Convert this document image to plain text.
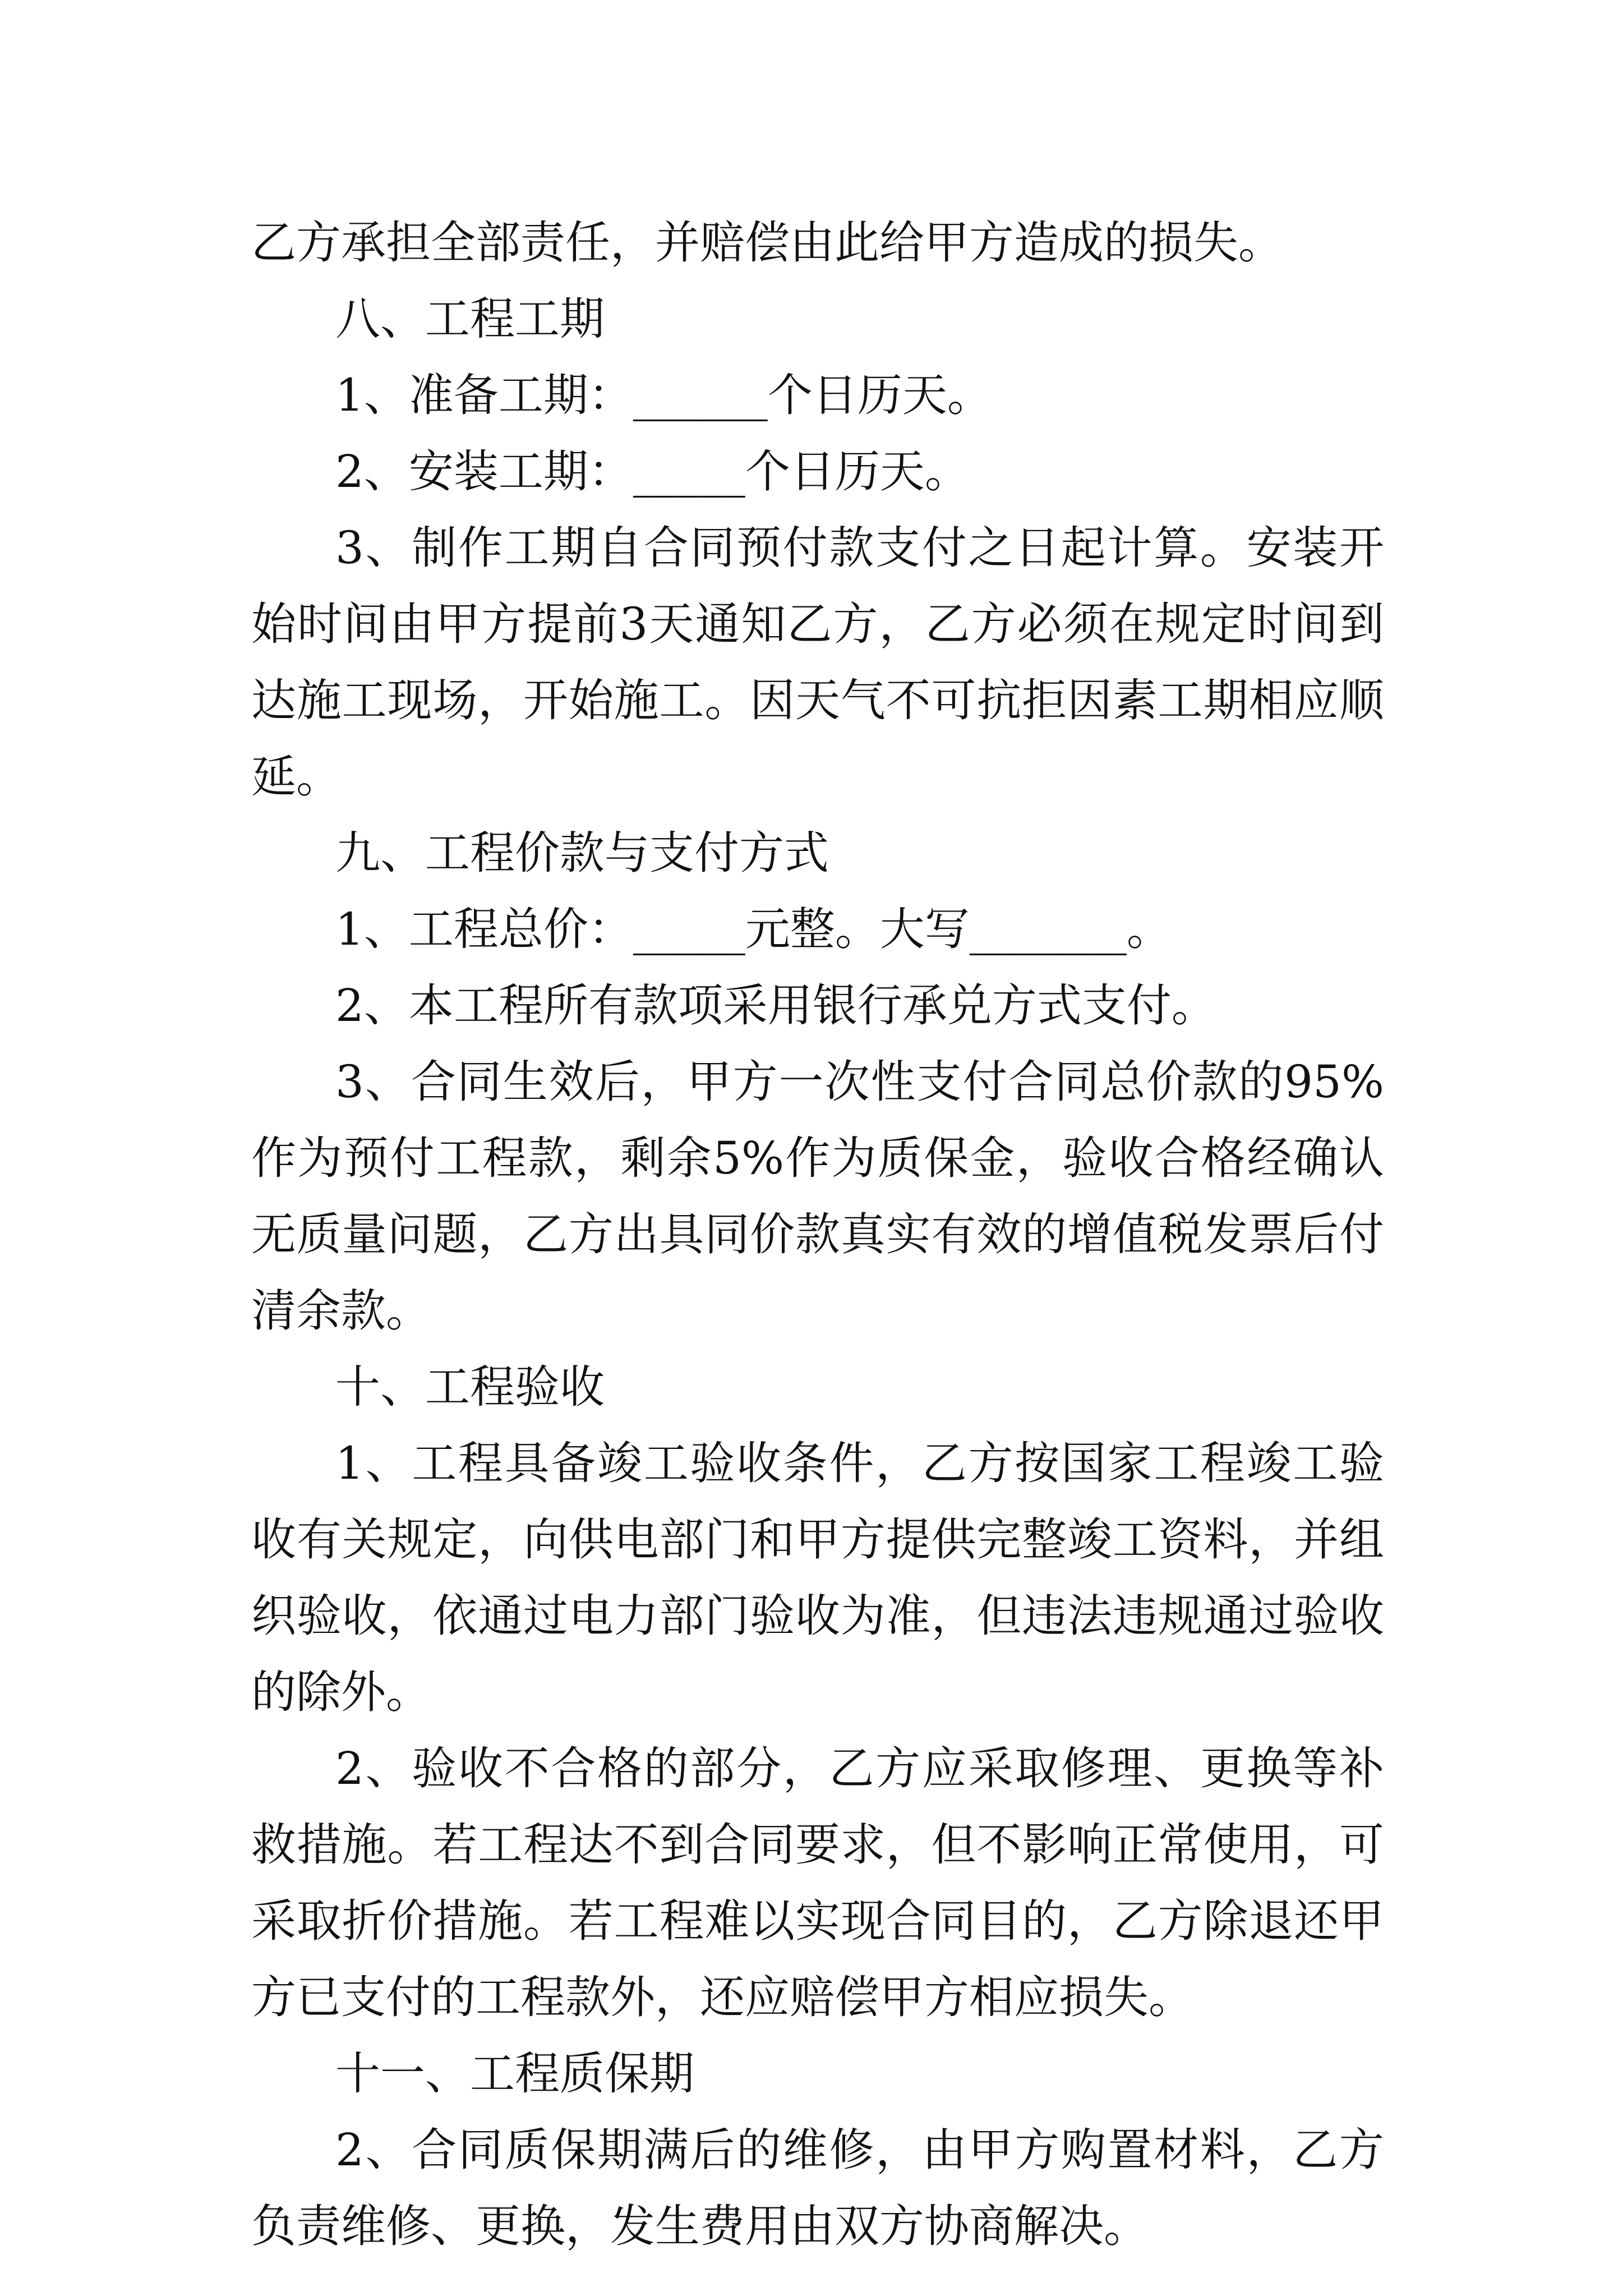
乙方承担全部责任，并赔偿由此给甲方造成的损失。

八、工程工期

1、准备工期：______个日历天。

2、安装工期：_____个日历天。

3、制作工期自合同预付款支付之日起计算。安装开始时间由甲方提前3天通知乙方，乙方必须在规定时间到达施工现场，开始施工。因天气不可抗拒因素工期相应顺延。

九、工程价款与支付方式

1、工程总价：_____元整。大写_______。

2、本工程所有款项采用银行承兑方式支付。

3、合同生效后，甲方一次性支付合同总价款的95%作为预付工程款，剩余5%作为质保金，验收合格经确认无质量问题，乙方出具同价款真实有效的增值税发票后付清余款。

十、工程验收

1、工程具备竣工验收条件，乙方按国家工程竣工验收有关规定，向供电部门和甲方提供完整竣工资料，并组织验收，依通过电力部门验收为准，但违法违规通过验收的除外。

2、验收不合格的部分，乙方应采取修理、更换等补救措施。若工程达不到合同要求，但不影响正常使用，可采取折价措施。若工程难以实现合同目的，乙方除退还甲方已支付的工程款外，还应赔偿甲方相应损失。

十一、工程质保期

2、合同质保期满后的维修，由甲方购置材料，乙方负责维修、更换，发生费用由双方协商解决。
